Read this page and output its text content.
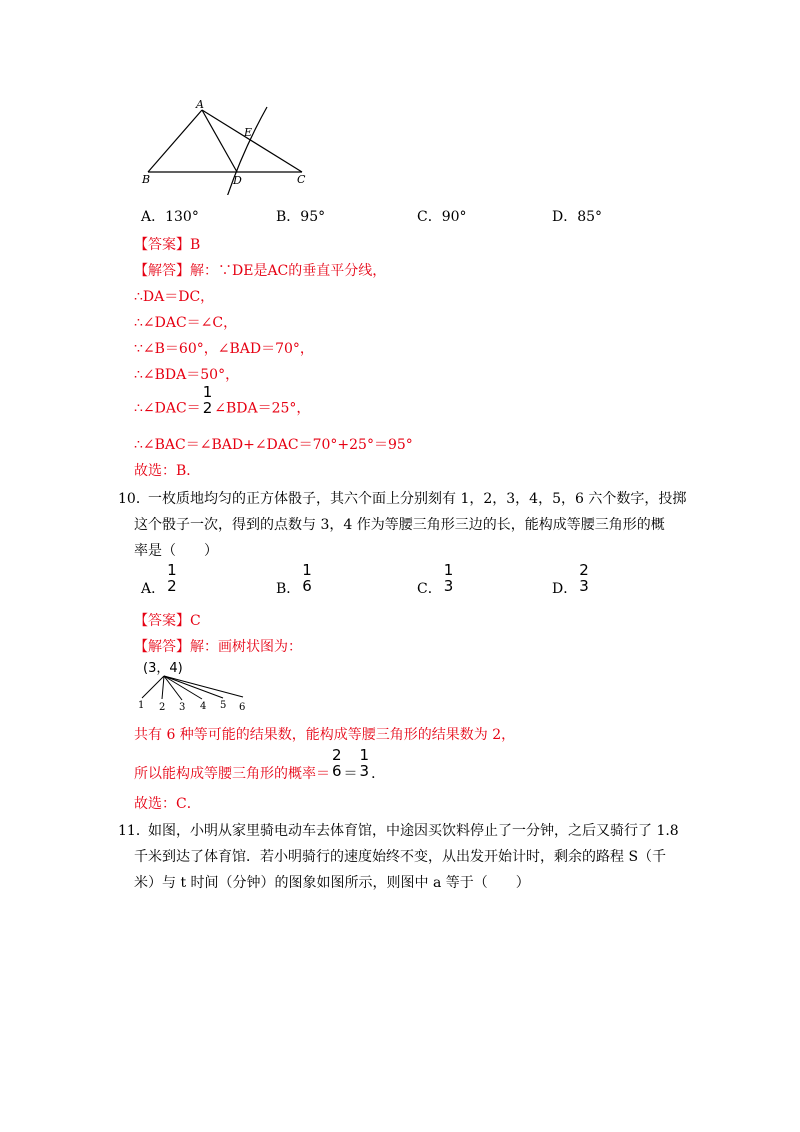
A
B	C
D
E
A．130°	B．95°	C．90°	D．85°
【答案】B
【解答】解：∵DE是AC的垂直平分线，
∴DA＝DC，
∴∠DAC＝∠C，
∵∠B＝60°，∠BAD＝70°，
∴∠BDA＝50°，
∴∠DAC＝
1
2 ∠BDA＝25°，
∴∠BAC＝∠BAD+∠DAC＝70°+25°＝95°
故选：B．
10．
一枚质地均匀的正方体骰子，其六个面上分别刻有 1，2，3，4，5，6 六个数字，投掷
这个骰子一次，得到的点数与 3，4 作为等腰三角形三边的长，能构成等腰三角形的概
率是（　　）
A．
1
2	B．
1
6	C．
1
3	D．
2
3
【答案】C
【解答】解：画树状图为：
(3，4)
1 2 3 4 5 6
共有 6 种等可能的结果数，能构成等腰三角形的结果数为 2，
所以能构成等腰三角形的概率＝
2
6 ＝
1
3 ．
故选：C．
11．
如图，小明从家里骑电动车去体育馆，中途因买饮料停止了一分钟，之后又骑行了 1.8
千米到达了体育馆．若小明骑行的速度始终不变，从出发开始计时，剩余的路程 S（千
米）与 t 时间（分钟）的图象如图所示，则图中 a 等于（　　）
